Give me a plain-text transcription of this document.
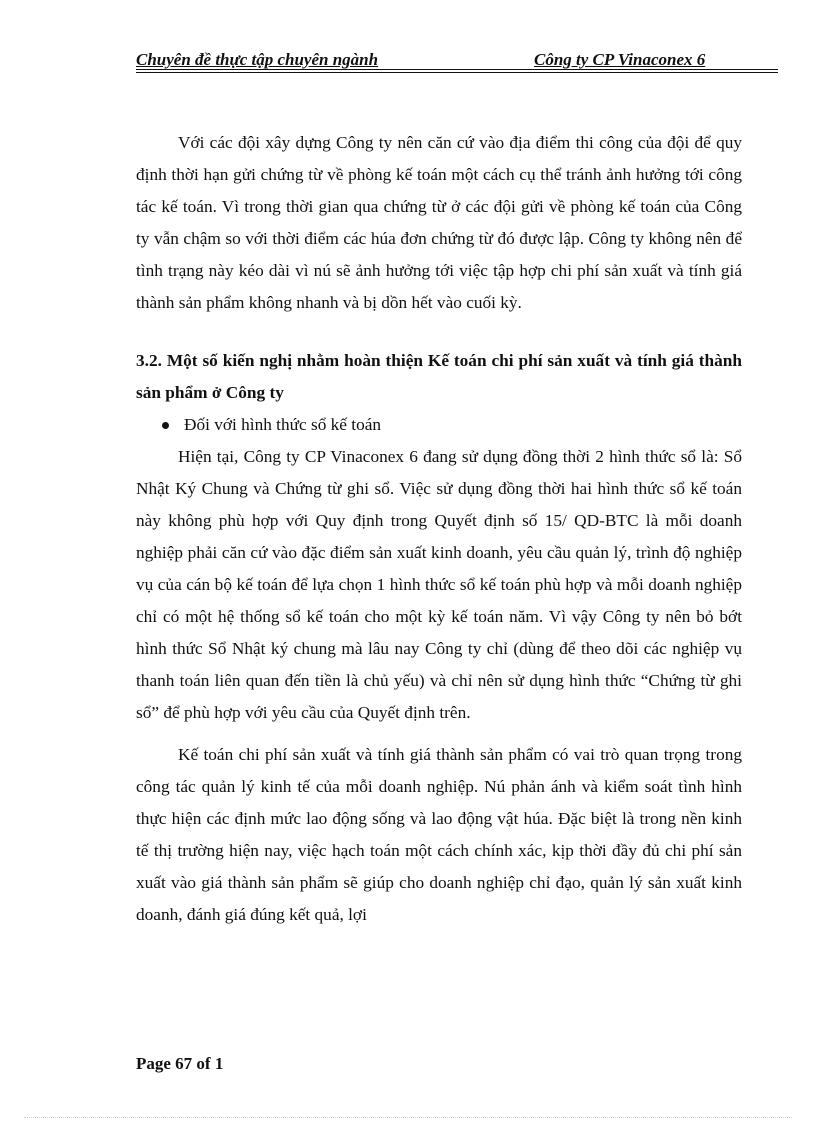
Chuyên đề thực tập chuyên ngành	Công ty CP Vinaconex 6

Với các đội xây dựng Công ty nên căn cứ vào địa điểm thi công của đội để quy định thời hạn gửi chứng từ về phòng kế toán một cách cụ thể tránh ảnh hưởng tới công tác kế toán. Vì trong thời gian qua chứng từ ở các đội gửi về phòng kế toán của Công ty vẫn chậm so với thời điểm các húa đơn chứng từ đó được lập. Công ty không nên để tình trạng này kéo dài vì nú sẽ ảnh hưởng tới việc tập hợp chi phí sản xuất và tính giá thành sản phẩm không nhanh và bị dồn hết vào cuối kỳ.

3.2. Một số kiến nghị nhằm hoàn thiện Kế toán chi phí sản xuất và tính giá thành sản phẩm ở Công ty

Đối với hình thức sổ kế toán

Hiện tại, Công ty CP Vinaconex 6 đang sử dụng đồng thời 2 hình thức sổ là: Sổ Nhật Ký Chung và Chứng từ ghi sổ. Việc sử dụng đồng thời hai hình thức sổ kế toán này không phù hợp với Quy định trong Quyết định số 15/ QD-BTC là mỗi doanh nghiệp phải căn cứ vào đặc điểm sản xuất kinh doanh, yêu cầu quản lý, trình độ nghiệp vụ của cán bộ kế toán để lựa chọn 1 hình thức sổ kế toán phù hợp và mỗi doanh nghiệp chỉ có một hệ thống sổ kế toán cho một kỳ kế toán năm. Vì vậy Công ty nên bỏ bớt hình thức Sổ Nhật ký chung mà lâu nay Công ty chỉ (dùng để theo dõi các nghiệp vụ thanh toán liên quan đến tiền là chủ yếu) và chỉ nên sử dụng hình thức “Chứng từ ghi sổ” để phù hợp với yêu cầu của Quyết định trên.

Kế toán chi phí sản xuất và tính giá thành sản phẩm có vai trò quan trọng trong công tác quản lý kinh tế của mỗi doanh nghiệp. Nú phản ánh và kiểm soát tình hình thực hiện các định mức lao động sống và lao động vật húa. Đặc biệt là trong nền kinh tế thị trường hiện nay, việc hạch toán một cách chính xác, kịp thời đầy đủ chi phí sản xuất vào giá thành sản phẩm sẽ giúp cho doanh nghiệp chỉ đạo, quản lý sản xuất kinh doanh, đánh giá đúng kết quả, lợi

Page 67 of 1
